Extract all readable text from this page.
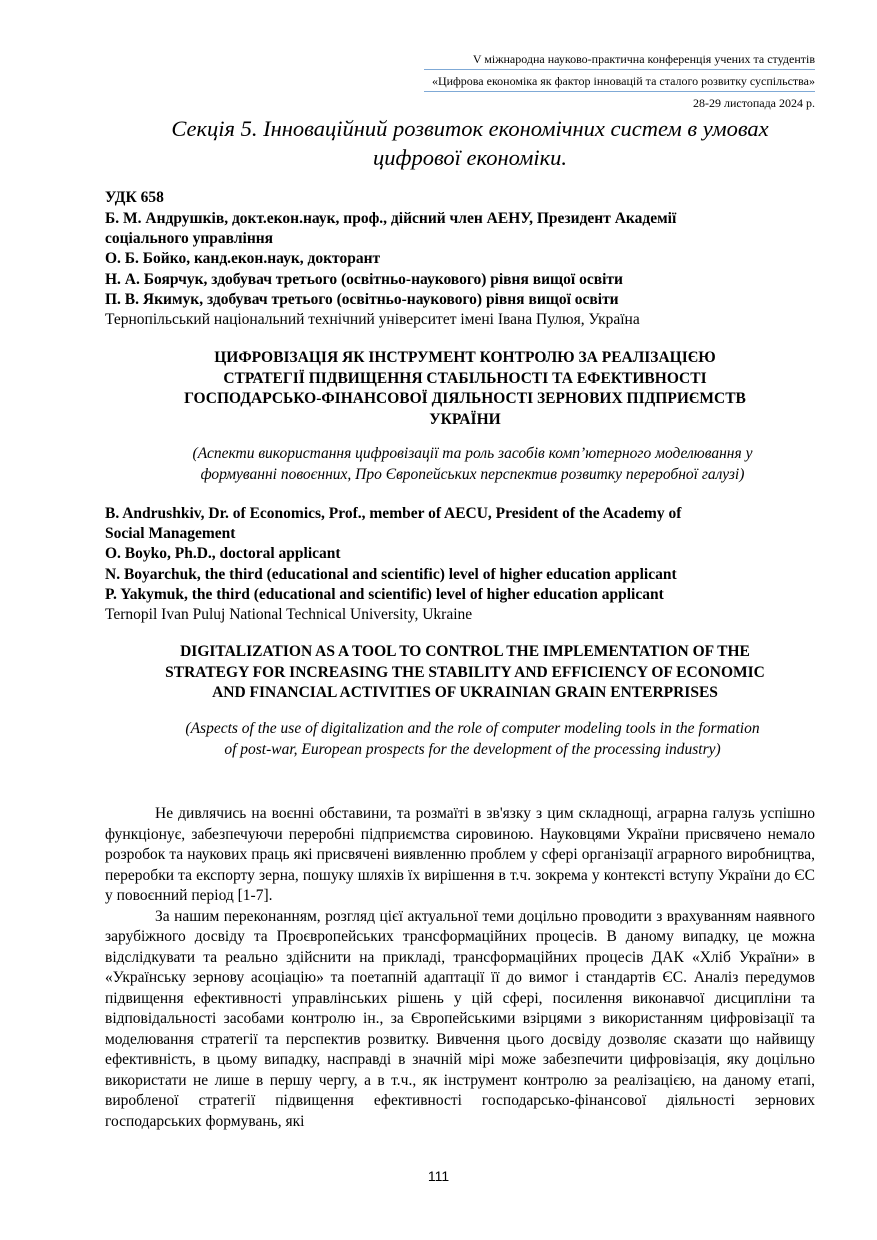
V міжнародна науково-практична конференція учених та студентів
«Цифрова економіка як фактор інновацій та сталого розвитку суспільства»
28-29 листопада 2024 р.
Секція 5. Інноваційний розвиток економічних систем в умовах
цифрової економіки.
УДК 658
Б. М. Андрушків, докт.екон.наук, проф., дійсний член АЕНУ, Президент Академії
соціального управління
О. Б. Бойко, канд.екон.наук, докторант
Н. А. Боярчук, здобувач третього (освітньо-наукового) рівня вищої освіти
П. В. Якимук, здобувач третього (освітньо-наукового) рівня вищої освіти
Тернопільський національний технічний університет імені Івана Пулюя, Україна
ЦИФРОВІЗАЦІЯ ЯК ІНСТРУМЕНТ КОНТРОЛЮ ЗА РЕАЛІЗАЦІЄЮ
СТРАТЕГІЇ ПІДВИЩЕННЯ СТАБІЛЬНОСТІ ТА ЕФЕКТИВНОСТІ
ГОСПОДАРСЬКО-ФІНАНСОВОЇ ДІЯЛЬНОСТІ ЗЕРНОВИХ ПІДПРИЄМСТВ
УКРАЇНИ
(Аспекти використання цифровізації та роль засобів комп’ютерного моделювання у
формуванні повоєнних, Про Європейських перспектив розвитку переробної галузі)
B. Andrushkiv, Dr. of Economics, Prof., member of AECU, President of the Academy of
Social Management
O. Boyko, Ph.D., doctoral applicant
N. Boyarchuk, the third (educational and scientific) level of higher education applicant
P. Yakymuk, the third (educational and scientific) level of higher education applicant
Ternopil Ivan Puluj National Technical University, Ukraine
DIGITALIZATION AS A TOOL TO CONTROL THE IMPLEMENTATION OF THE
STRATEGY FOR INCREASING THE STABILITY AND EFFICIENCY OF ECONOMIC
AND FINANCIAL ACTIVITIES OF UKRAINIAN GRAIN ENTERPRISES
(Aspects of the use of digitalization and the role of computer modeling tools in the formation
of post-war, European prospects for the development of the processing industry)

Не дивлячись на воєнні обставини, та розмаїті в зв'язку з цим складнощі, аграрна галузь успішно функціонує, забезпечуючи переробні підприємства сировиною. Науковцями України присвячено немало розробок та наукових праць які присвячені виявленню проблем у сфері організації аграрного виробництва, переробки та експорту зерна, пошуку шляхів їх вирішення в т.ч. зокрема у контексті вступу України до ЄС у повоєнний період [1-7].

За нашим переконанням, розгляд цієї актуальної теми доцільно проводити з врахуванням наявного зарубіжного досвіду та Проєвропейських трансформаційних процесів. В даному випадку, це можна відслідкувати та реально здійснити на прикладі, трансформаційних процесів ДАК «Хліб України» в «Українську зернову асоціацію» та поетапній адаптації її до вимог і стандартів ЄС. Аналіз передумов підвищення ефективності управлінських рішень у цій сфері, посилення виконавчої дисципліни та відповідальності засобами контролю ін., за Європейськими взірцями з використанням цифровізації та моделювання стратегії та перспектив розвитку. Вивчення цього досвіду дозволяє сказати що найвищу ефективність, в цьому випадку, насправді в значній мірі може забезпечити цифровізація, яку доцільно використати не лише в першу чергу, а в т.ч., як інструмент контролю за реалізацією, на даному етапі, виробленої стратегії підвищення ефективності господарсько-фінансової діяльності зернових господарських формувань, які

111
